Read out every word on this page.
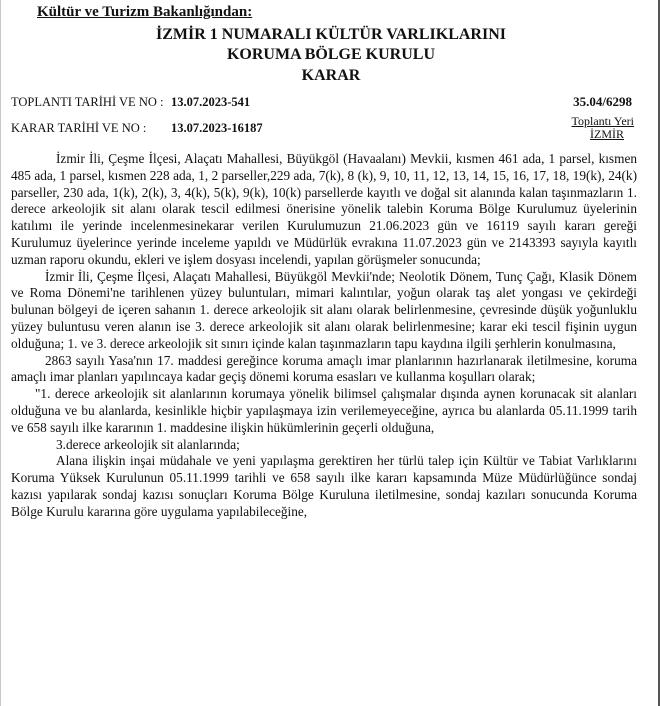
Kültür ve Turizm Bakanlığından:
İZMİR 1 NUMARALI KÜLTÜR VARLIKLARINI
KORUMA BÖLGE KURULU
KARAR
TOPLANTI TARİHİ VE NO : 13.07.2023-541
KARAR TARİHİ VE NO : 13.07.2023-16187
35.04/6298
Toplantı Yeri
İZMİR

İzmir İli, Çeşme İlçesi, Alaçatı Mahallesi, Büyükgöl (Havaalanı) Mevkii, kısmen 461 ada, 1 parsel, kısmen 485 ada, 1 parsel, kısmen 228 ada, 1, 2 parseller,229 ada, 7(k), 8 (k), 9, 10, 11, 12, 13, 14, 15, 16, 17, 18, 19(k), 24(k) parseller, 230 ada, 1(k), 2(k), 3, 4(k), 5(k), 9(k), 10(k) parsellerde kayıtlı ve doğal sit alanında kalan taşınmazların 1. derece arkeolojik sit alanı olarak tescil edilmesi önerisine yönelik talebin Koruma Bölge Kurulumuz üyelerinin katılımı ile yerinde incelenmesinekarar verilen Kurulumuzun 21.06.2023 gün ve 16119 sayılı kararı gereği Kurulumuz üyelerince yerinde inceleme yapıldı ve Müdürlük evrakına 11.07.2023 gün ve 2143393 sayıyla kayıtlı uzman raporu okundu, ekleri ve işlem dosyası incelendi, yapılan görüşmeler sonucunda;

İzmir İli, Çeşme İlçesi, Alaçatı Mahallesi, Büyükgöl Mevkii'nde; Neolotik Dönem, Tunç Çağı, Klasik Dönem ve Roma Dönemi'ne tarihlenen yüzey buluntuları, mimari kalıntılar, yoğun olarak taş alet yongası ve çekirdeği bulunan bölgeyi de içeren sahanın 1. derece arkeolojik sit alanı olarak belirlenmesine, çevresinde düşük yoğunluklu yüzey buluntusu veren alanın ise 3. derece arkeolojik sit alanı olarak belirlenmesine; karar eki tescil fişinin uygun olduğuna; 1. ve 3. derece arkeolojik sit sınırı içinde kalan taşınmazların tapu kaydına ilgili şerhlerin konulmasına,

2863 sayılı Yasa'nın 17. maddesi gereğince koruma amaçlı imar planlarının hazırlanarak iletilmesine, koruma amaçlı imar planları yapılıncaya kadar geçiş dönemi koruma esasları ve kullanma koşulları olarak;

"1. derece arkeolojik sit alanlarının korumaya yönelik bilimsel çalışmalar dışında aynen korunacak sit alanları olduğuna ve bu alanlarda, kesinlikle hiçbir yapılaşmaya izin verilemeyeceğine, ayrıca bu alanlarda 05.11.1999 tarih ve 658 sayılı ilke kararının 1. maddesine ilişkin hükümlerinin geçerli olduğuna,

3.derece arkeolojik sit alanlarında;

Alana ilişkin inşai müdahale ve yeni yapılaşma gerektiren her türlü talep için Kültür ve Tabiat Varlıklarını Koruma Yüksek Kurulunun 05.11.1999 tarihli ve 658 sayılı ilke kararı kapsamında Müze Müdürlüğünce sondaj kazısı yapılarak sondaj kazısı sonuçları Koruma Bölge Kuruluna iletilmesine, sondaj kazıları sonucunda Koruma Bölge Kurulu kararına göre uygulama yapılabileceğine,
